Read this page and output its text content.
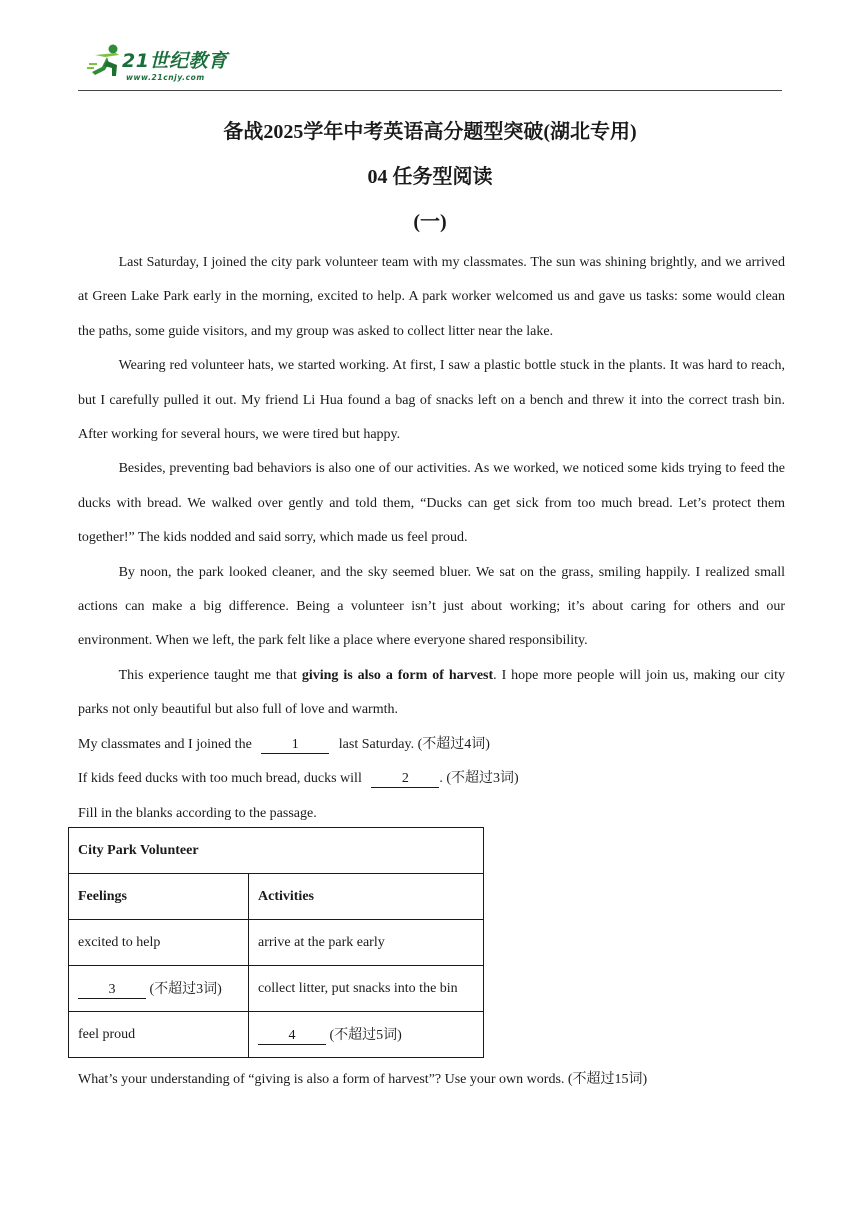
21世纪教育
www.21cnjy.com
备战2025学年中考英语高分题型突破(湖北专用)
04 任务型阅读
(一)

Last Saturday, I joined the city park volunteer team with my classmates. The sun was shining brightly, and we arrived at Green Lake Park early in the morning, excited to help. A park worker welcomed us and gave us tasks: some would clean the paths, some guide visitors, and my group was asked to collect litter near the lake.

Wearing red volunteer hats, we started working. At first, I saw a plastic bottle stuck in the plants. It was hard to reach, but I carefully pulled it out. My friend Li Hua found a bag of snacks left on a bench and threw it into the correct trash bin. After working for several hours, we were tired but happy.

Besides, preventing bad behaviors is also one of our activities. As we worked, we noticed some kids trying to feed the ducks with bread. We walked over gently and told them, “Ducks can get sick from too much bread. Let’s protect them together!” The kids nodded and said sorry, which made us feel proud.

By noon, the park looked cleaner, and the sky seemed bluer. We sat on the grass, smiling happily. I realized small actions can make a big difference. Being a volunteer isn’t just about working; it’s about caring for others and our environment. When we left, the park felt like a place where everyone shared responsibility.

This experience taught me that giving is also a form of harvest. I hope more people will join us, making our city parks not only beautiful but also full of love and warmth.

My classmates and I joined the	1	last Saturday. (不超过4词)

If kids feed ducks with too much bread, ducks will	2 . (不超过3词)

Fill in the blanks according to the passage.

City Park Volunteer	
Feelings	Activities
excited to help	arrive at the park early
3 (不超过3词)	collect litter, put snacks into the bin
feel proud	4 (不超过5词)
What’s your understanding of “giving is also a form of harvest”? Use your own words. (不超过15词)
